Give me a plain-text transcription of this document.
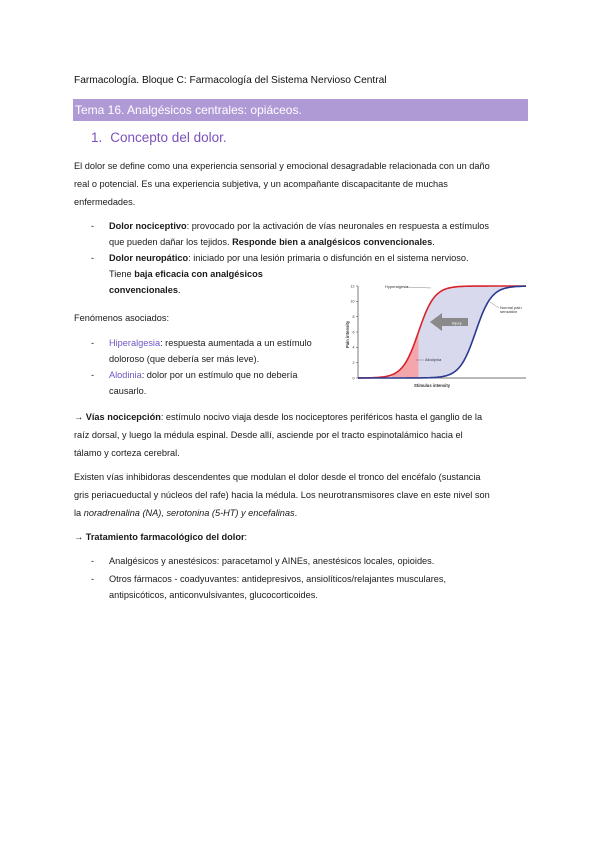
Farmacología. Bloque C: Farmacología del Sistema Nervioso Central
Tema 16. Analgésicos centrales: opiáceos.
1. Concepto del dolor.
El dolor se define como una experiencia sensorial y emocional desagradable relacionada con un daño
real o potencial. Es una experiencia subjetiva, y un acompañante discapacitante de muchas
enfermedades.
- Dolor nociceptivo: provocado por la activación de vías neuronales en respuesta a estímulos
que pueden dañar los tejidos. Responde bien a analgésicos convencionales.
- Dolor neuropático: iniciado por una lesión primaria o disfunción en el sistema nervioso.
Tiene baja eficacia con analgésicos
convencionales.
Fenómenos asociados:
- Hiperalgesia: respuesta aumentada a un estímulo
doloroso (que debería ser más leve).
- Alodinia: dolor por un estímulo que no debería
causarlo.
0
2
4
6
8
10
12
Injury
Hyperalgesia
Normal pain
sensation
Allodynia
Stimulus intensity
Pain intensity
→ Vías nocicepción: estímulo nocivo viaja desde los nociceptores periféricos hasta el ganglio de la
raíz dorsal, y luego la médula espinal. Desde allí, asciende por el tracto espinotalámico hacia el
tálamo y corteza cerebral.
Existen vías inhibidoras descendentes que modulan el dolor desde el tronco del encéfalo (sustancia
gris periacueductal y núcleos del rafe) hacia la médula. Los neurotransmisores clave en este nivel son
la noradrenalina (NA), serotonina (5-HT) y encefalinas.
→ Tratamiento farmacológico del dolor:
- Analgésicos y anestésicos: paracetamol y AINEs, anestésicos locales, opioides.
- Otros fármacos - coadyuvantes: antidepresivos, ansiolíticos/relajantes musculares,
antipsicóticos, anticonvulsivantes, glucocorticoides.
